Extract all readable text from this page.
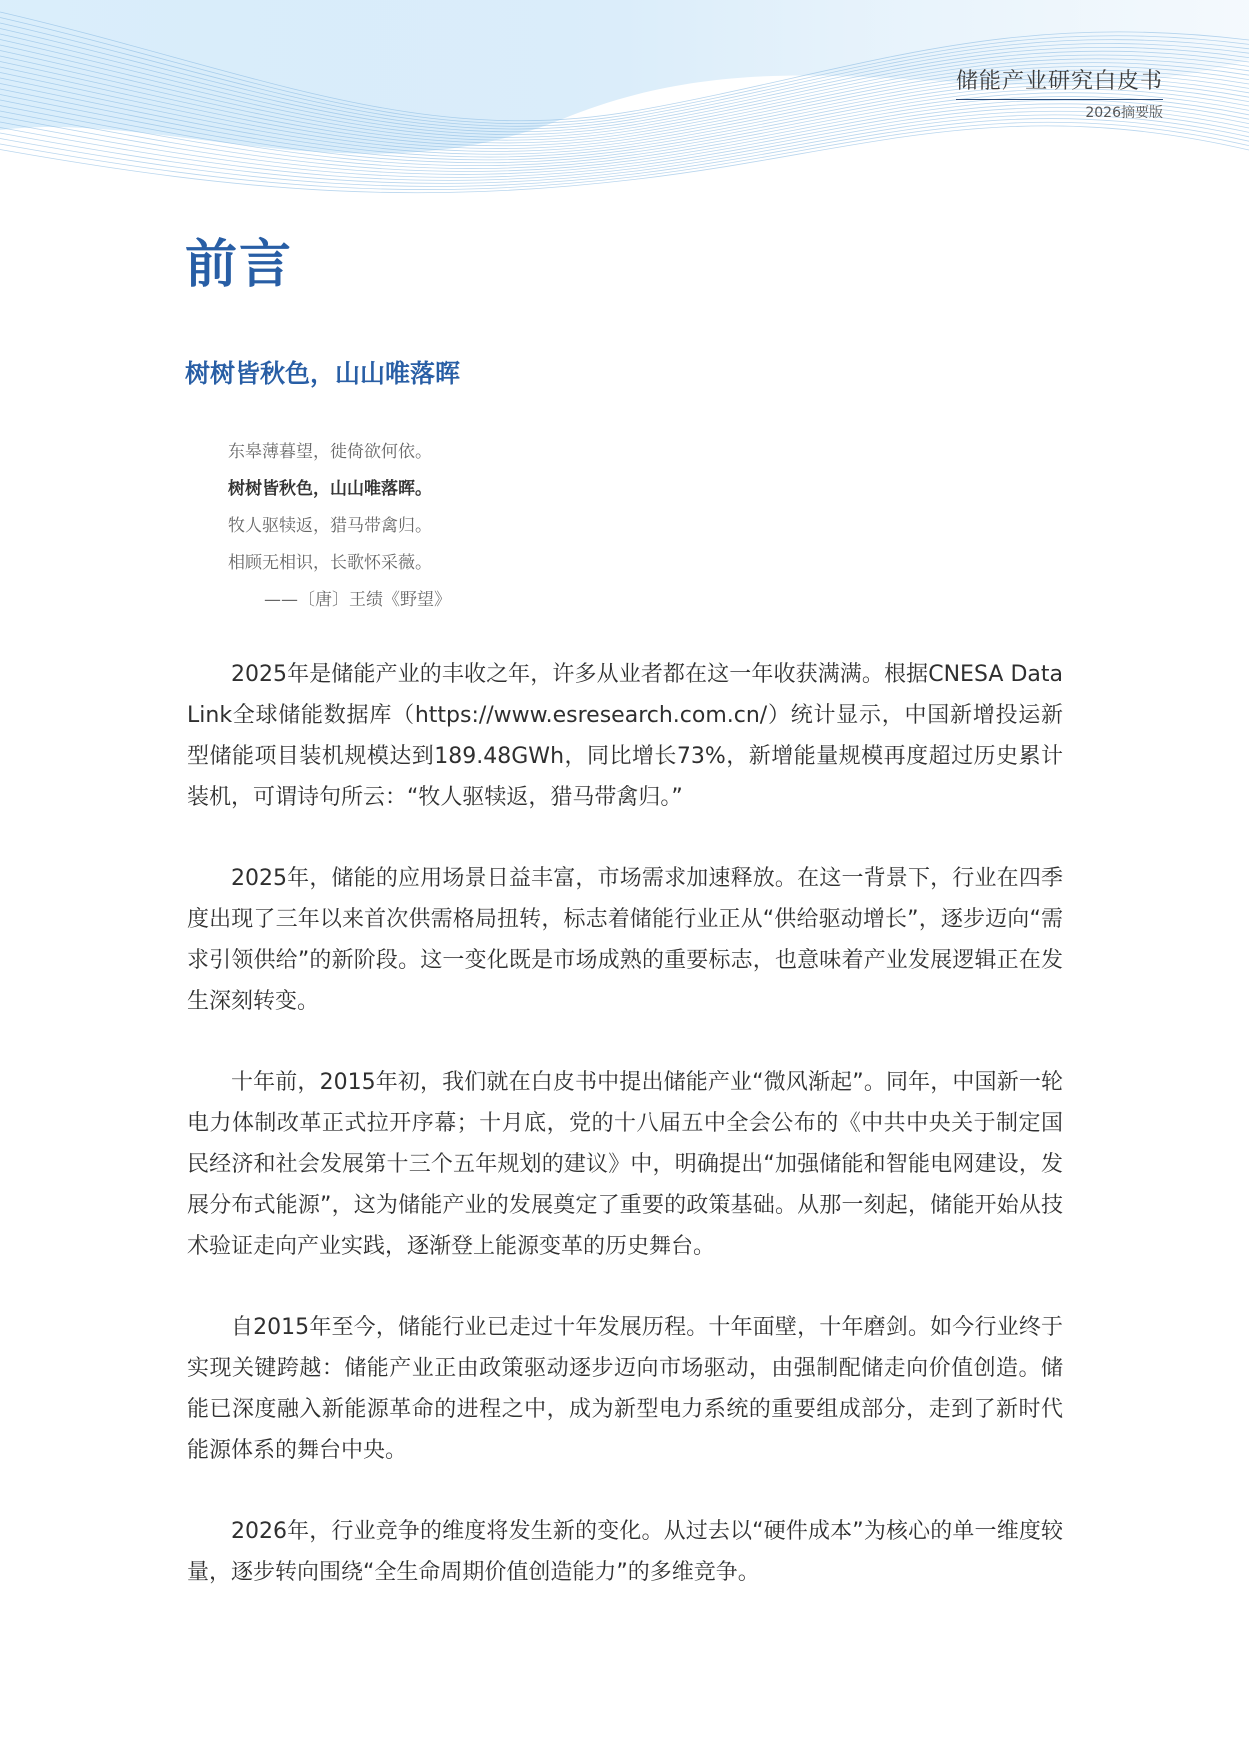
储能产业研究白皮书
2026摘要版
前言
树树皆秋色，山山唯落晖
东皋薄暮望，徙倚欲何依。
树树皆秋色，山山唯落晖。
牧人驱犊返，猎马带禽归。
相顾无相识，长歌怀采薇。
——〔唐〕王绩《野望》

2025年是储能产业的丰收之年，许多从业者都在这一年收获满满。根据CNESA DataLink全球储能数据库（https://www.esresearch.com.cn/）统计显示，中国新增投运新型储能项目装机规模达到189.48GWh，同比增长73%，新增能量规模再度超过历史累计装机，可谓诗句所云：“牧人驱犊返，猎马带禽归。”

2025年，储能的应用场景日益丰富，市场需求加速释放。在这一背景下，行业在四季度出现了三年以来首次供需格局扭转，标志着储能行业正从“供给驱动增长”，逐步迈向“需求引领供给”的新阶段。这一变化既是市场成熟的重要标志，也意味着产业发展逻辑正在发生深刻转变。

十年前，2015年初，我们就在白皮书中提出储能产业“微风渐起”。同年，中国新一轮电力体制改革正式拉开序幕；十月底，党的十八届五中全会公布的《中共中央关于制定国民经济和社会发展第十三个五年规划的建议》中，明确提出“加强储能和智能电网建设，发展分布式能源”，这为储能产业的发展奠定了重要的政策基础。从那一刻起，储能开始从技术验证走向产业实践，逐渐登上能源变革的历史舞台。

自2015年至今，储能行业已走过十年发展历程。十年面壁，十年磨剑。如今行业终于实现关键跨越：储能产业正由政策驱动逐步迈向市场驱动，由强制配储走向价值创造。储能已深度融入新能源革命的进程之中，成为新型电力系统的重要组成部分，走到了新时代能源体系的舞台中央。

2026年，行业竞争的维度将发生新的变化。从过去以“硬件成本”为核心的单一维度较量，逐步转向围绕“全生命周期价值创造能力”的多维竞争。
